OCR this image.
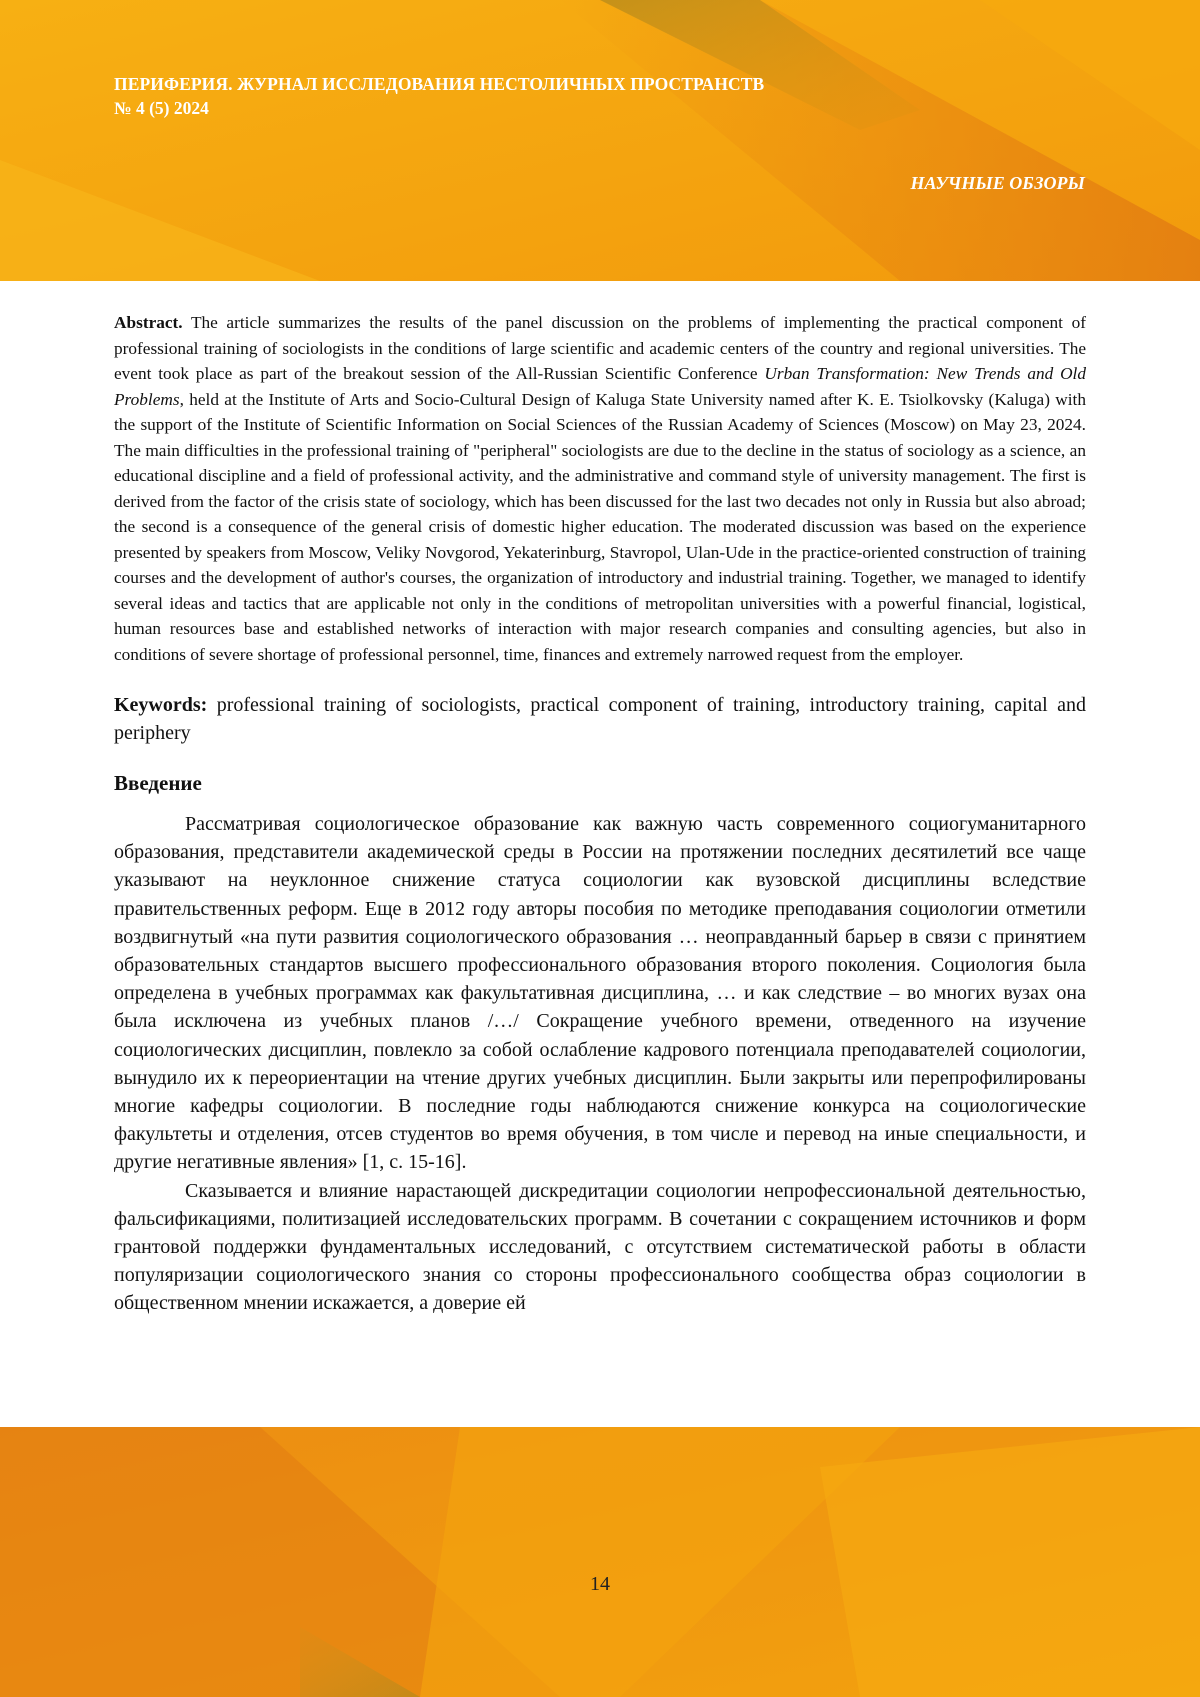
ПЕРИФЕРИЯ. ЖУРНАЛ ИССЛЕДОВАНИЯ НЕСТОЛИЧНЫХ ПРОСТРАНСТВ

№ 4 (5) 2024

НАУЧНЫЕ ОБЗОРЫ

Abstract. The article summarizes the results of the panel discussion on the problems of implementing the practical component of professional training of sociologists in the conditions of large scientific and academic centers of the country and regional universities. The event took place as part of the breakout session of the All-Russian Scientific Conference Urban Transformation: New Trends and Old Problems, held at the Institute of Arts and Socio-Cultural Design of Kaluga State University named after K. E. Tsiolkovsky (Kaluga) with the support of the Institute of Scientific Information on Social Sciences of the Russian Academy of Sciences (Moscow) on May 23, 2024. The main difficulties in the professional training of "peripheral" sociologists are due to the decline in the status of sociology as a science, an educational discipline and a field of professional activity, and the administrative and command style of university management. The first is derived from the factor of the crisis state of sociology, which has been discussed for the last two decades not only in Russia but also abroad; the second is a consequence of the general crisis of domestic higher education. The moderated discussion was based on the experience presented by speakers from Moscow, Veliky Novgorod, Yekaterinburg, Stavropol, Ulan-Ude in the practice-oriented construction of training courses and the development of author's courses, the organization of introductory and industrial training. Together, we managed to identify several ideas and tactics that are applicable not only in the conditions of metropolitan universities with a powerful financial, logistical, human resources base and established networks of interaction with major research companies and consulting agencies, but also in conditions of severe shortage of professional personnel, time, finances and extremely narrowed request from the employer.

Keywords: professional training of sociologists, practical component of training, introductory training, capital and periphery

Введение

Рассматривая социологическое образование как важную часть современного социогуманитарного образования, представители академической среды в России на протяжении последних десятилетий все чаще указывают на неуклонное снижение статуса социологии как вузовской дисциплины вследствие правительственных реформ. Еще в 2012 году авторы пособия по методике преподавания социологии отметили воздвигнутый «на пути развития социологического образования … неоправданный барьер в связи с принятием образовательных стандартов высшего профессионального образования второго поколения. Социология была определена в учебных программах как факультативная дисциплина, … и как следствие – во многих вузах она была исключена из учебных планов /…/ Сокращение учебного времени, отведенного на изучение социологических дисциплин, повлекло за собой ослабление кадрового потенциала преподавателей социологии, вынудило их к переориентации на чтение других учебных дисциплин. Были закрыты или перепрофилированы многие кафедры социологии. В последние годы наблюдаются снижение конкурса на социологические факультеты и отделения, отсев студентов во время обучения, в том числе и перевод на иные специальности, и другие негативные явления» [1, с. 15-16].

Сказывается и влияние нарастающей дискредитации социологии непрофессиональной деятельностью, фальсификациями, политизацией исследовательских программ. В сочетании с сокращением источников и форм грантовой поддержки фундаментальных исследований, с отсутствием систематической работы в области популяризации социологического знания со стороны профессионального сообщества образ социологии в общественном мнении искажается, а доверие ей

14
